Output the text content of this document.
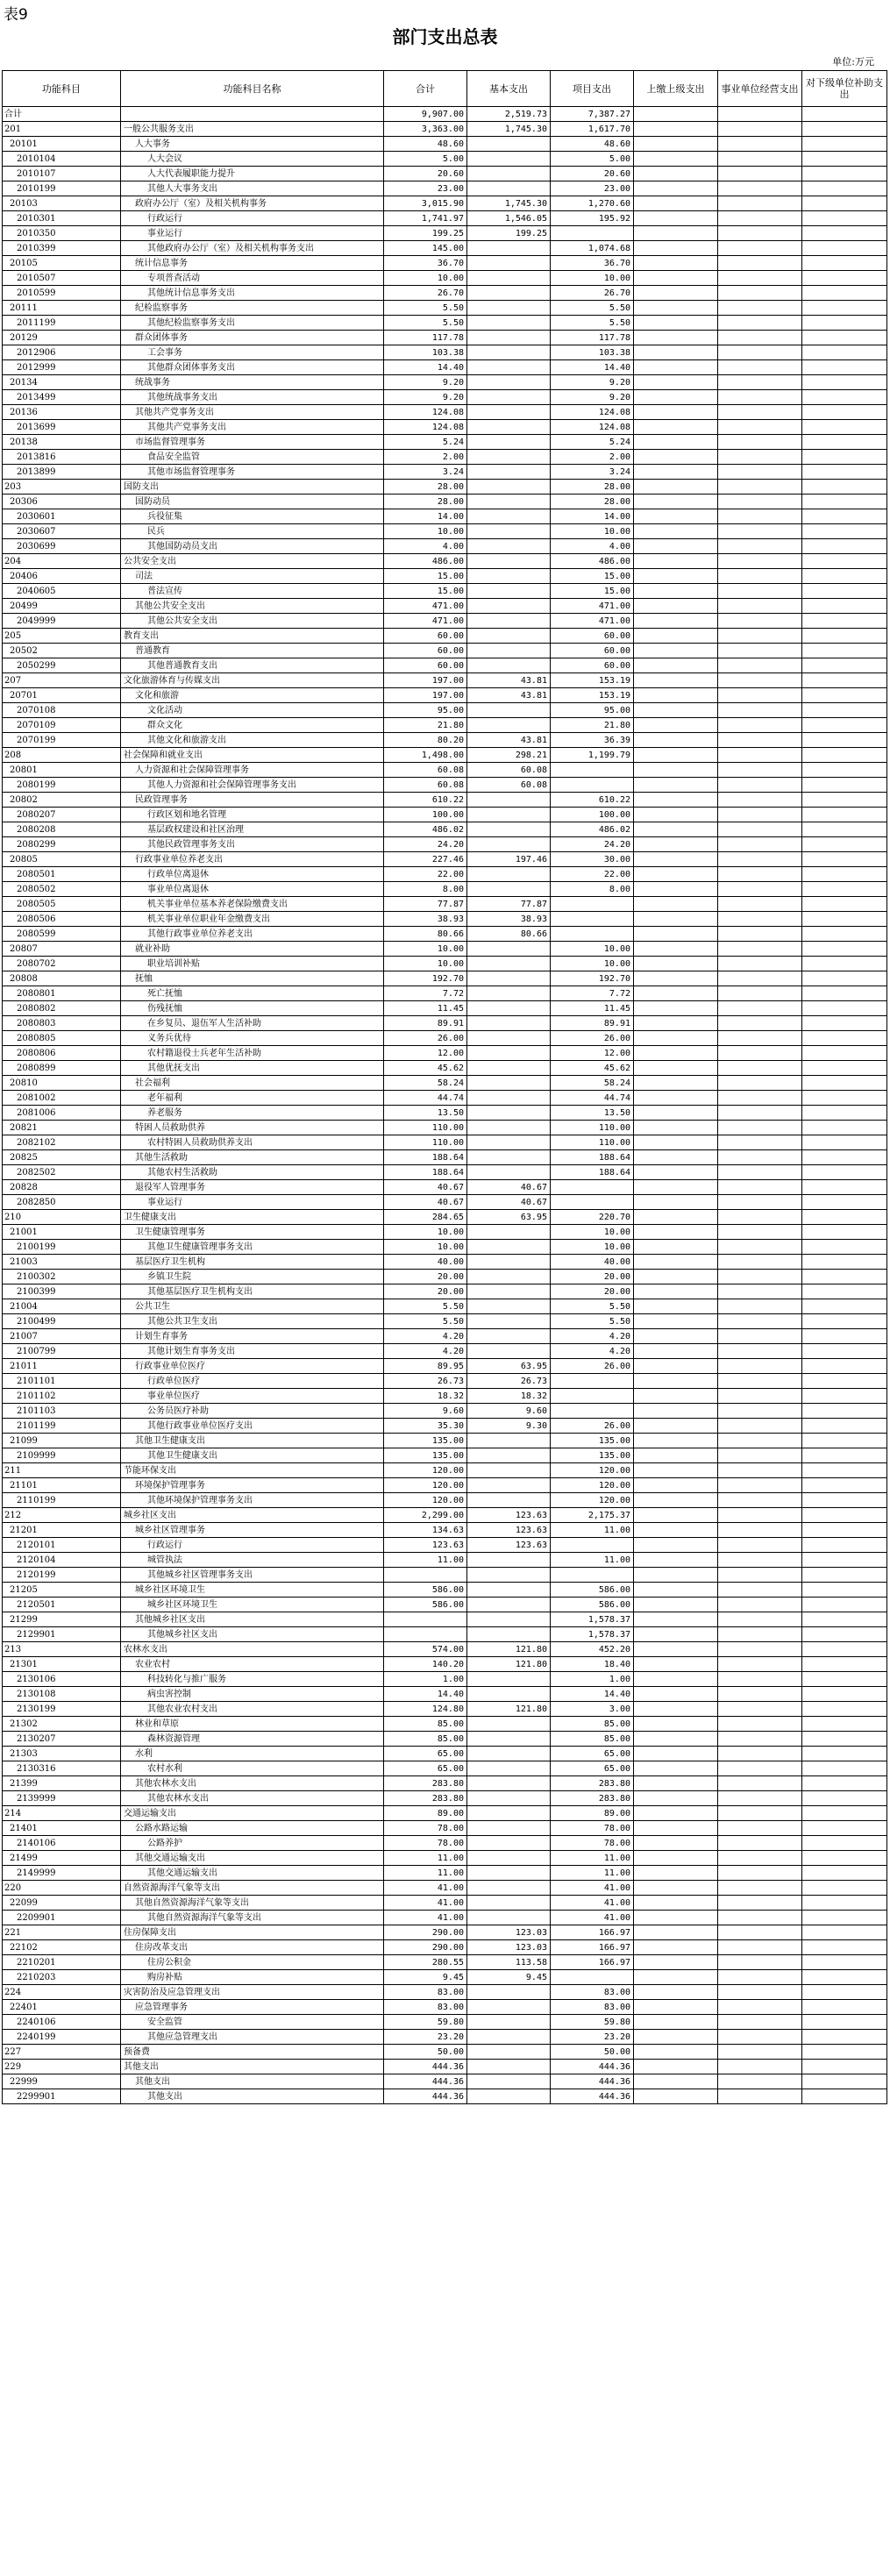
表9
部门支出总表
单位:万元
功能科目	功能科目名称	合计	基本支出	项目支出	上缴上级支出	事业单位经营支出	对下级单位补助支出
合计		9,907.00	2,519.73	7,387.27			
201	一般公共服务支出	3,363.00	1,745.30	1,617.70			
20101	人大事务	48.60		48.60			
2010104	人大会议	5.00		5.00			
2010107	人大代表履职能力提升	20.60		20.60			
2010199	其他人大事务支出	23.00		23.00			
20103	政府办公厅（室）及相关机构事务	3,015.90	1,745.30	1,270.60			
2010301	行政运行	1,741.97	1,546.05	195.92			
2010350	事业运行	199.25	199.25				
2010399	其他政府办公厅（室）及相关机构事务支出	145.00		1,074.68			
20105	统计信息事务	36.70		36.70			
2010507	专项普查活动	10.00		10.00			
2010599	其他统计信息事务支出	26.70		26.70			
20111	纪检监察事务	5.50		5.50			
2011199	其他纪检监察事务支出	5.50		5.50			
20129	群众团体事务	117.78		117.78			
2012906	工会事务	103.38		103.38			
2012999	其他群众团体事务支出	14.40		14.40			
20134	统战事务	9.20		9.20			
2013499	其他统战事务支出	9.20		9.20			
20136	其他共产党事务支出	124.08		124.08			
2013699	其他共产党事务支出	124.08		124.08			
20138	市场监督管理事务	5.24		5.24			
2013816	食品安全监管	2.00		2.00			
2013899	其他市场监督管理事务	3.24		3.24			
203	国防支出	28.00		28.00			
20306	国防动员	28.00		28.00			
2030601	兵役征集	14.00		14.00			
2030607	民兵	10.00		10.00			
2030699	其他国防动员支出	4.00		4.00			
204	公共安全支出	486.00		486.00			
20406	司法	15.00		15.00			
2040605	普法宣传	15.00		15.00			
20499	其他公共安全支出	471.00		471.00			
2049999	其他公共安全支出	471.00		471.00			
205	教育支出	60.00		60.00			
20502	普通教育	60.00		60.00			
2050299	其他普通教育支出	60.00		60.00			
207	文化旅游体育与传媒支出	197.00	43.81	153.19			
20701	文化和旅游	197.00	43.81	153.19			
2070108	文化活动	95.00		95.00			
2070109	群众文化	21.80		21.80			
2070199	其他文化和旅游支出	80.20	43.81	36.39			
208	社会保障和就业支出	1,498.00	298.21	1,199.79			
20801	人力资源和社会保障管理事务	60.08	60.08				
2080199	其他人力资源和社会保障管理事务支出	60.08	60.08				
20802	民政管理事务	610.22		610.22			
2080207	行政区划和地名管理	100.00		100.00			
2080208	基层政权建设和社区治理	486.02		486.02			
2080299	其他民政管理事务支出	24.20		24.20			
20805	行政事业单位养老支出	227.46	197.46	30.00			
2080501	行政单位离退休	22.00		22.00			
2080502	事业单位离退休	8.00		8.00			
2080505	机关事业单位基本养老保险缴费支出	77.87	77.87				
2080506	机关事业单位职业年金缴费支出	38.93	38.93				
2080599	其他行政事业单位养老支出	80.66	80.66				
20807	就业补助	10.00		10.00			
2080702	职业培训补贴	10.00		10.00			
20808	抚恤	192.70		192.70			
2080801	死亡抚恤	7.72		7.72			
2080802	伤残抚恤	11.45		11.45			
2080803	在乡复员、退伍军人生活补助	89.91		89.91			
2080805	义务兵优待	26.00		26.00			
2080806	农村籍退役士兵老年生活补助	12.00		12.00			
2080899	其他优抚支出	45.62		45.62			
20810	社会福利	58.24		58.24			
2081002	老年福利	44.74		44.74			
2081006	养老服务	13.50		13.50			
20821	特困人员救助供养	110.00		110.00			
2082102	农村特困人员救助供养支出	110.00		110.00			
20825	其他生活救助	188.64		188.64			
2082502	其他农村生活救助	188.64		188.64			
20828	退役军人管理事务	40.67	40.67				
2082850	事业运行	40.67	40.67				
210	卫生健康支出	284.65	63.95	220.70			
21001	卫生健康管理事务	10.00		10.00			
2100199	其他卫生健康管理事务支出	10.00		10.00			
21003	基层医疗卫生机构	40.00		40.00			
2100302	乡镇卫生院	20.00		20.00			
2100399	其他基层医疗卫生机构支出	20.00		20.00			
21004	公共卫生	5.50		5.50			
2100499	其他公共卫生支出	5.50		5.50			
21007	计划生育事务	4.20		4.20			
2100799	其他计划生育事务支出	4.20		4.20			
21011	行政事业单位医疗	89.95	63.95	26.00			
2101101	行政单位医疗	26.73	26.73				
2101102	事业单位医疗	18.32	18.32				
2101103	公务员医疗补助	9.60	9.60				
2101199	其他行政事业单位医疗支出	35.30	9.30	26.00			
21099	其他卫生健康支出	135.00		135.00			
2109999	其他卫生健康支出	135.00		135.00			
211	节能环保支出	120.00		120.00			
21101	环境保护管理事务	120.00		120.00			
2110199	其他环境保护管理事务支出	120.00		120.00			
212	城乡社区支出	2,299.00	123.63	2,175.37			
21201	城乡社区管理事务	134.63	123.63	11.00			
2120101	行政运行	123.63	123.63				
2120104	城管执法	11.00		11.00			
2120199	其他城乡社区管理事务支出						
21205	城乡社区环境卫生	586.00		586.00			
2120501	城乡社区环境卫生	586.00		586.00			
21299	其他城乡社区支出			1,578.37			
2129901	其他城乡社区支出			1,578.37			
213	农林水支出	574.00	121.80	452.20			
21301	农业农村	140.20	121.80	18.40			
2130106	科技转化与推广服务	1.00		1.00			
2130108	病虫害控制	14.40		14.40			
2130199	其他农业农村支出	124.80	121.80	3.00			
21302	林业和草原	85.00		85.00			
2130207	森林资源管理	85.00		85.00			
21303	水利	65.00		65.00			
2130316	农村水利	65.00		65.00			
21399	其他农林水支出	283.80		283.80			
2139999	其他农林水支出	283.80		283.80			
214	交通运输支出	89.00		89.00			
21401	公路水路运输	78.00		78.00			
2140106	公路养护	78.00		78.00			
21499	其他交通运输支出	11.00		11.00			
2149999	其他交通运输支出	11.00		11.00			
220	自然资源海洋气象等支出	41.00		41.00			
22099	其他自然资源海洋气象等支出	41.00		41.00			
2209901	其他自然资源海洋气象等支出	41.00		41.00			
221	住房保障支出	290.00	123.03	166.97			
22102	住房改革支出	290.00	123.03	166.97			
2210201	住房公积金	280.55	113.58	166.97			
2210203	购房补贴	9.45	9.45				
224	灾害防治及应急管理支出	83.00		83.00			
22401	应急管理事务	83.00		83.00			
2240106	安全监管	59.80		59.80			
2240199	其他应急管理支出	23.20		23.20			
227	预备费	50.00		50.00			
229	其他支出	444.36		444.36			
22999	其他支出	444.36		444.36			
2299901	其他支出	444.36		444.36			
